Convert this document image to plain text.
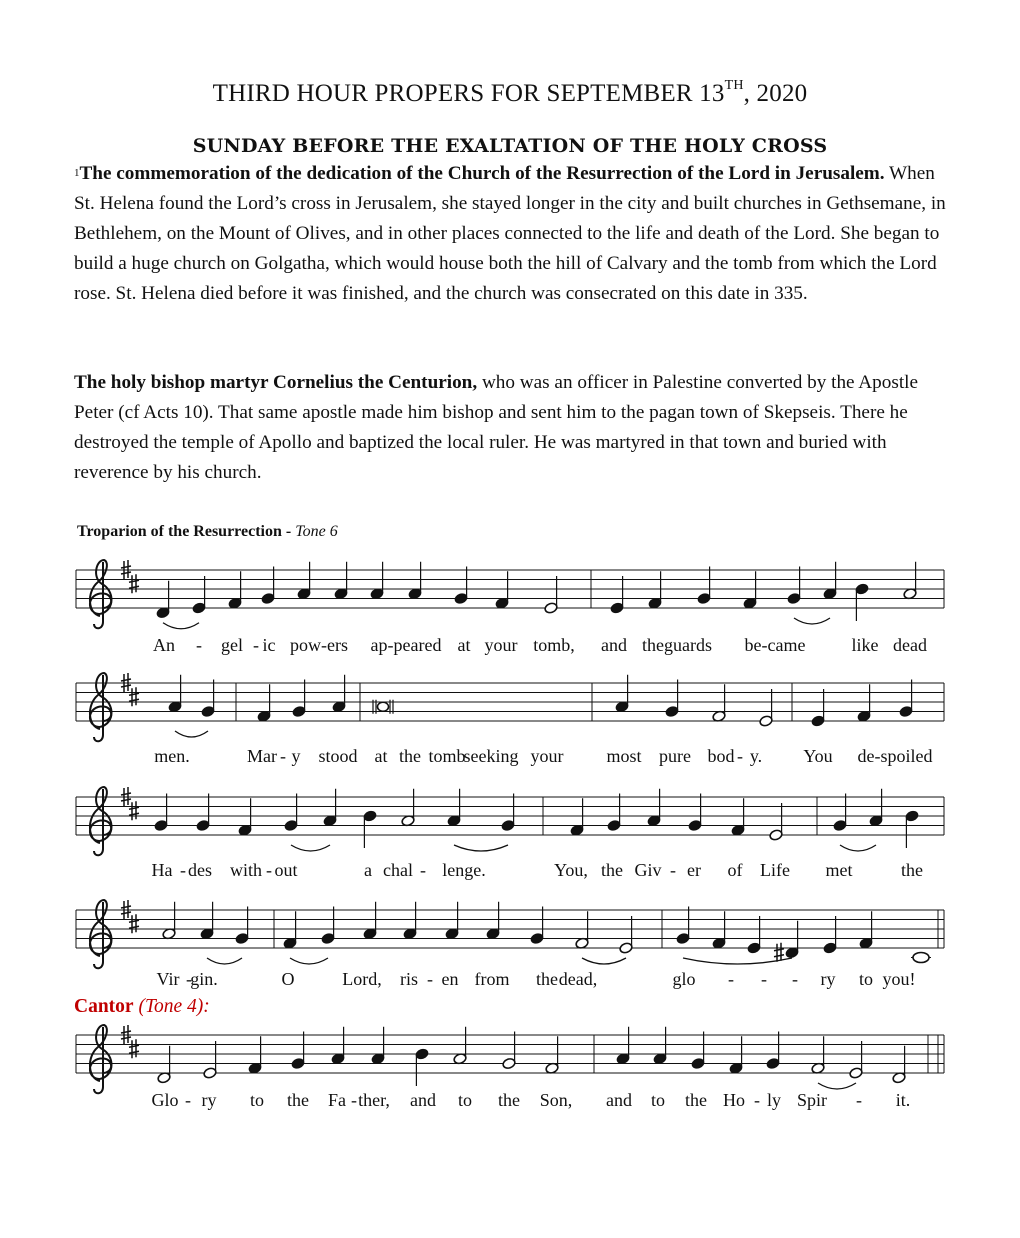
THIRD HOUR PROPERS FOR SEPTEMBER 13TH, 2020
SUNDAY BEFORE THE EXALTATION OF THE HOLY CROSS
$^1$The commemoration of the dedication of the Church of the Resurrection of the Lord in Jerusalem. When St. Helena found the Lord’s cross in Jerusalem, she stayed longer in the city and built churches in Gethsemane, in Bethlehem, on the Mount of Olives, and in other places connected to the life and death of the Lord. She began to build a huge church on Golgatha, which would house both the hill of Calvary and the tomb from which the Lord rose. St. Helena died before it was finished, and the church was consecrated on this date in 335.
The holy bishop martyr Cornelius the Centurion, who was an officer in Palestine converted by the Apostle Peter (cf Acts 10). That same apostle made him bishop and sent him to the pagan town of Skepseis. There he destroyed the temple of Apollo and baptized the local ruler. He was martyred in that town and buried with reverence by his church.
Troparion of the Resurrection - Tone 6
Cantor (Tone 4):
An - gel - ic pow-ers ap-peared at your tomb, and the guards be-came	like dead
men.	Mar - y stood at the tomb
seeking your most pure bod - y. You de-spoiled
Ha - des with - out	a chal - lenge.	You, the Giv - er of Life met	the
Vir -
gin.	O	Lord, ris - en from the dead,	glo - - - ry to you!
Glo - ry to the Fa - ther, and to the Son, and to the Ho - ly Spir - it.
